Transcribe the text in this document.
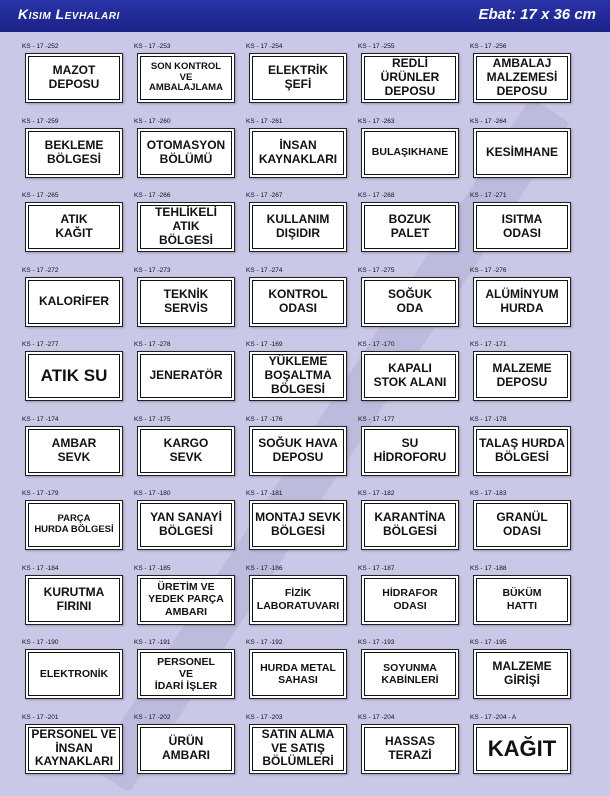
Kısım Levhaları	Ebat: 17 x 36 cm
KS - 17 -252
MAZOT
DEPOSU
KS - 17 -253
SON KONTROL
VE
AMBALAJLAMA
KS - 17 -254
ELEKTRİK
ŞEFİ
KS - 17 -255
REDLİ
ÜRÜNLER
DEPOSU
KS - 17 -256
AMBALAJ
MALZEMESİ
DEPOSU
KS - 17 -259
BEKLEME
BÖLGESİ
KS - 17 -260
OTOMASYON
BÖLÜMÜ
KS - 17 -261
İNSAN
KAYNAKLARI
KS - 17 -263
BULAŞIKHANE
KS - 17 -264
KESİMHANE
KS - 17 -265
ATIK
KAĞIT
KS - 17 -266
TEHLİKELİ
ATIK
BÖLGESİ
KS - 17 -267
KULLANIM
DIŞIDIR
KS - 17 -268
BOZUK
PALET
KS - 17 -271
ISITMA
ODASI
KS - 17 -272
KALORİFER
KS - 17 -273
TEKNİK
SERVİS
KS - 17 -274
KONTROL
ODASI
KS - 17 -275
SOĞUK
ODA
KS - 17 -276
ALÜMİNYUM
HURDA
KS - 17 -277
ATIK SU
KS - 17 -278
JENERATÖR
KS - 17 -169
YÜKLEME
BOŞALTMA
BÖLGESİ
KS - 17 -170
KAPALI
STOK ALANI
KS - 17 -171
MALZEME
DEPOSU
KS - 17 -174
AMBAR
SEVK
KS - 17 -175
KARGO
SEVK
KS - 17 -176
SOĞUK HAVA
DEPOSU
KS - 17 -177
SU
HİDROFORU
KS - 17 -178
TALAŞ HURDA
BÖLGESİ
KS - 17 -179
PARÇA
HURDA BÖLGESİ
KS - 17 -180
YAN SANAYİ
BÖLGESİ
KS - 17 -181
MONTAJ SEVK
BÖLGESİ
KS - 17 -182
KARANTİNA
BÖLGESİ
KS - 17 -183
GRANÜL
ODASI
KS - 17 -184
KURUTMA
FIRINI
KS - 17 -185
ÜRETİM VE
YEDEK PARÇA
AMBARI
KS - 17 -186
FİZİK
LABORATUVARI
KS - 17 -187
HİDRAFOR
ODASI
KS - 17 -188
BÜKÜM
HATTI
KS - 17 -190
ELEKTRONİK
KS - 17 -191
PERSONEL
VE
İDARİ İŞLER
KS - 17 -192
HURDA METAL
SAHASI
KS - 17 -193
SOYUNMA
KABİNLERİ
KS - 17 -195
MALZEME
GİRİŞİ
KS - 17 -201
PERSONEL VE
İNSAN
KAYNAKLARI
KS - 17 -202
ÜRÜN
AMBARI
KS - 17 -203
SATIN ALMA
VE SATIŞ
BÖLÜMLERİ
KS - 17 -204
HASSAS
TERAZİ
KS - 17 -204 - A
KAĞIT
